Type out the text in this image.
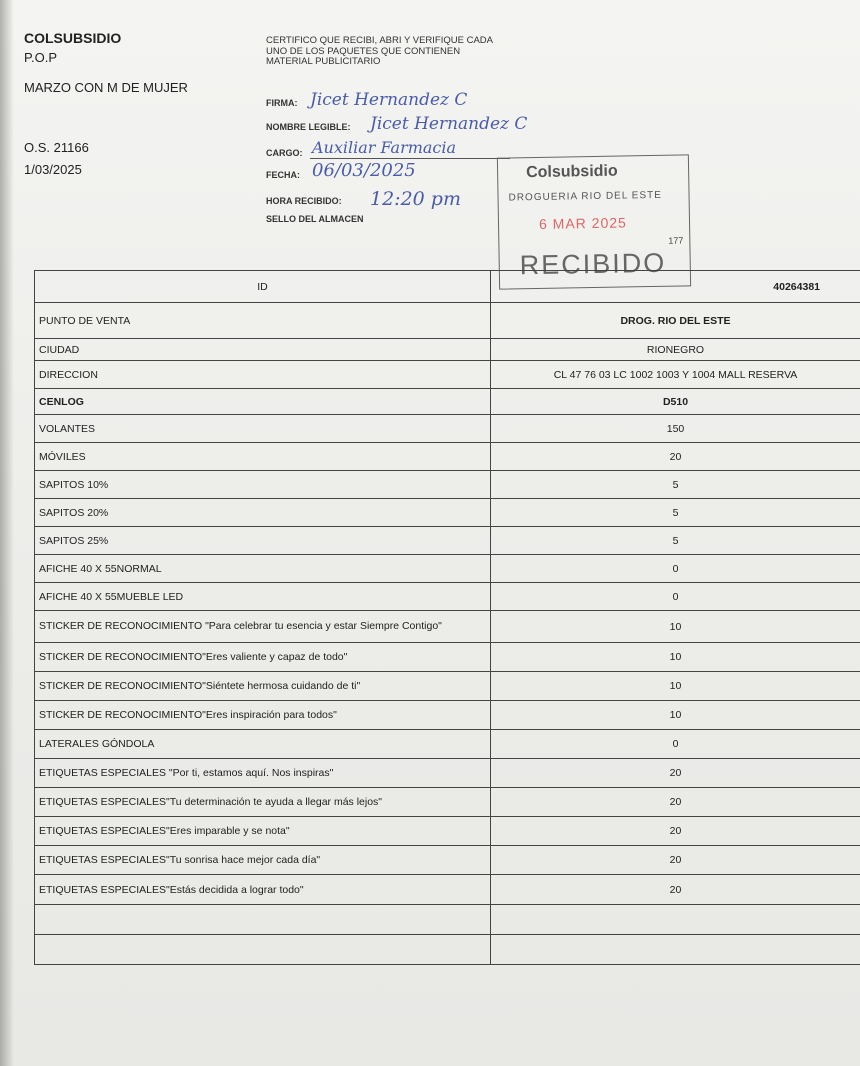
COLSUBSIDIO
P.O.P
MARZO CON M DE MUJER
O.S. 21166
1/03/2025
CERTIFICO QUE RECIBI, ABRI Y VERIFIQUE CADA UNO DE LOS PAQUETES QUE CONTIENEN MATERIAL PUBLICITARIO
FIRMA: Jicet Hernandez C
NOMBRE LEGIBLE: Jicet Hernandez C
CARGO: Auxiliar Farmacia
FECHA: 06/03/2025
HORA RECIBIDO: 12:20 pm
SELLO DEL ALMACEN
Colsubsidio
DROGUERIA RIO DEL ESTE
6 MAR 2025
177
RECIBIDO
ID	40264381
PUNTO DE VENTA	DROG. RIO DEL ESTE
CIUDAD	RIONEGRO
DIRECCION	CL 47 76 03 LC 1002 1003 Y 1004 MALL RESERVA
CENLOG	D510
VOLANTES	150
MÓVILES	20
SAPITOS 10%	5
SAPITOS 20%	5
SAPITOS 25%	5
AFICHE 40 X 55NORMAL	0
AFICHE 40 X 55MUEBLE LED	0
STICKER DE RECONOCIMIENTO "Para celebrar tu esencia y estar Siempre Contigo"	10
STICKER DE RECONOCIMIENTO"Eres valiente y capaz de todo"	10
STICKER DE RECONOCIMIENTO"Siéntete hermosa cuidando de ti"	10
STICKER DE RECONOCIMIENTO"Eres inspiración para todos"	10
LATERALES GÓNDOLA	0
ETIQUETAS ESPECIALES "Por ti, estamos aquí. Nos inspiras"	20
ETIQUETAS ESPECIALES"Tu determinación te ayuda a llegar más lejos"	20
ETIQUETAS ESPECIALES"Eres imparable y se nota"	20
ETIQUETAS ESPECIALES"Tu sonrisa hace mejor cada día"	20
ETIQUETAS ESPECIALES"Estás decidida a lograr todo"	20
